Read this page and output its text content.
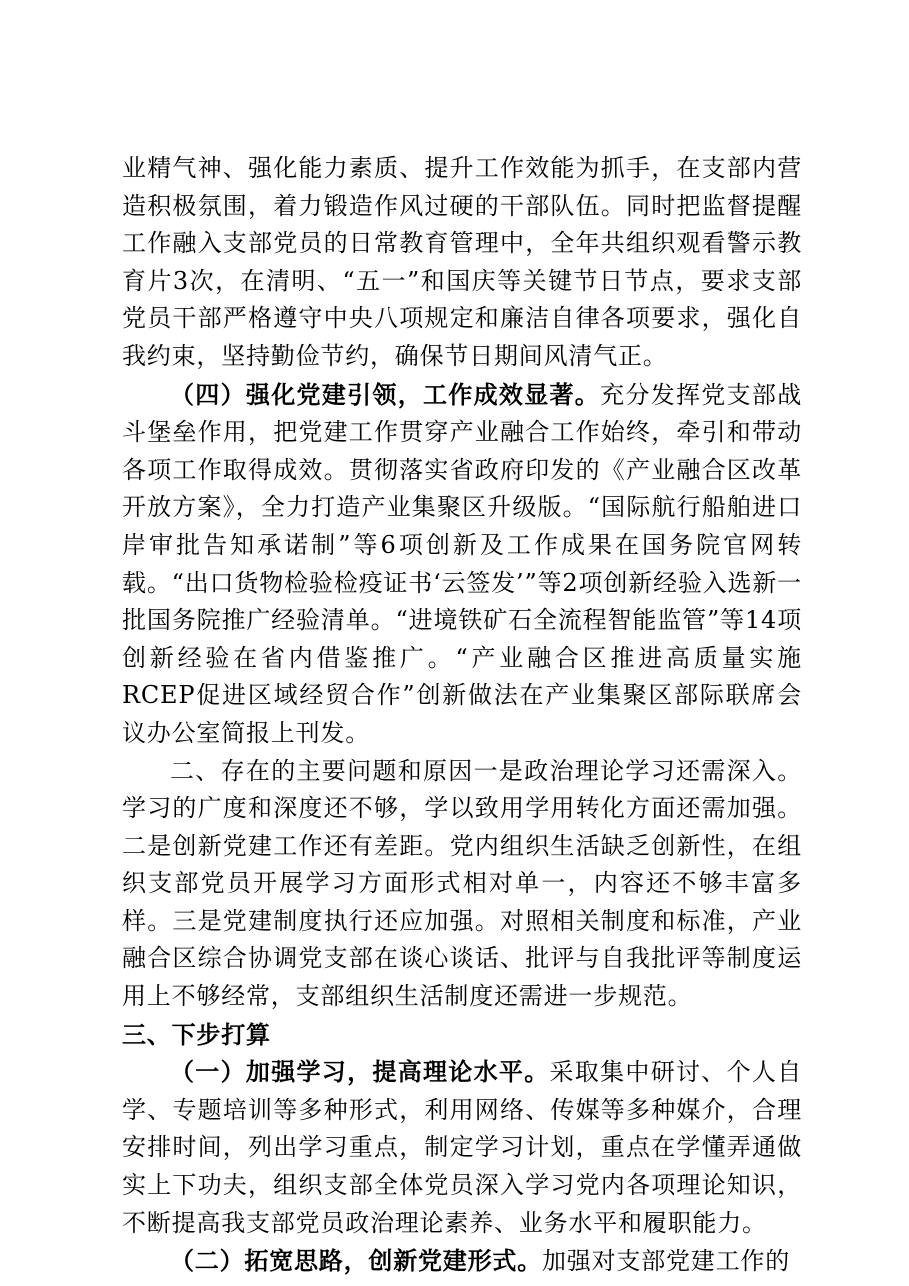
业精气神、强化能力素质、提升工作效能为抓手，在支部内营造积极氛围，着力锻造作风过硬的干部队伍。同时把监督提醒工作融入支部党员的日常教育管理中，全年共组织观看警示教育片3次，在清明、“五一”和国庆等关键节日节点，要求支部党员干部严格遵守中央八项规定和廉洁自律各项要求，强化自我约束，坚持勤俭节约，确保节日期间风清气正。

（四）强化党建引领，工作成效显著。充分发挥党支部战斗堡垒作用，把党建工作贯穿产业融合工作始终，牵引和带动各项工作取得成效。贯彻落实省政府印发的《产业融合区改革开放方案》，全力打造产业集聚区升级版。“国际航行船舶进口岸审批告知承诺制”等6项创新及工作成果在国务院官网转载。“出口货物检验检疫证书‘云签发’”等2项创新经验入选新一批国务院推广经验清单。“进境铁矿石全流程智能监管”等14项创新经验在省内借鉴推广。“产业融合区推进高质量实施RCEP促进区域经贸合作”创新做法在产业集聚区部际联席会议办公室简报上刊发。

二、存在的主要问题和原因一是政治理论学习还需深入。学习的广度和深度还不够，学以致用学用转化方面还需加强。二是创新党建工作还有差距。党内组织生活缺乏创新性，在组织支部党员开展学习方面形式相对单一，内容还不够丰富多样。三是党建制度执行还应加强。对照相关制度和标准，产业融合区综合协调党支部在谈心谈话、批评与自我批评等制度运用上不够经常，支部组织生活制度还需进一步规范。

三、下步打算

（一）加强学习，提高理论水平。采取集中研讨、个人自学、专题培训等多种形式，利用网络、传媒等多种媒介，合理安排时间，列出学习重点，制定学习计划，重点在学懂弄通做实上下功夫，组织支部全体党员深入学习党内各项理论知识，不断提高我支部党员政治理论素养、业务水平和履职能力。

（二）拓宽思路，创新党建形式。加强对支部党建工作的
